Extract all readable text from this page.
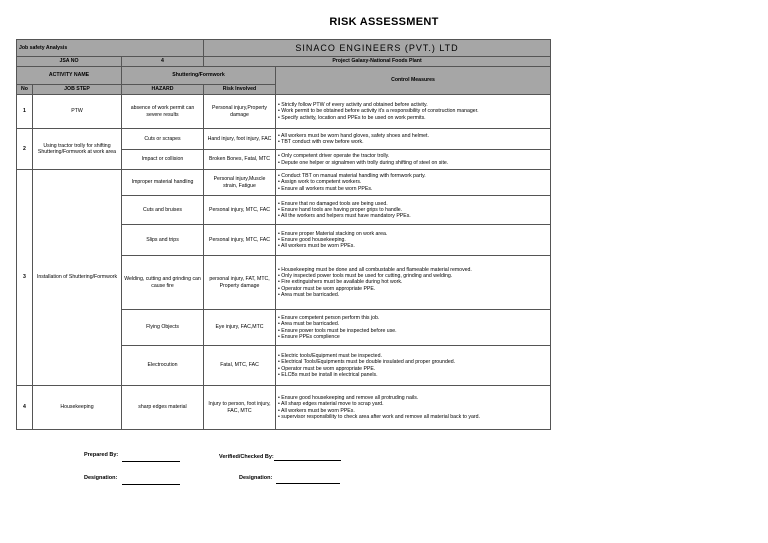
RISK ASSESSMENT
Job safety Analysis			SINACO ENGINEERS (PVT.) LTD	
JSA NO		4	Project Galaxy-National Foods Plant	
ACTIVITY NAME		Shuttering/Formwork		Control Measures
No	JOB STEP	HAZARD	Risk Involved	
1	PTW	absence of work permit can severe results	Personal injury,Property damage	• Strictly follow PTW of every activity and obtained before activity.
• Work permit to be obtained before activity it's a responsibility of construction manager.
• Specify activity, location and PPEs to be used on work permits.

2	Using tractor trolly for shifting Shuttering/Formwork at work area	Cuts or scrapes	Hand injury, foot injury, FAC	• All workers must be worn hand gloves, safety shoes and helmet.
• TBT conduct with crew before work.

		Impact or collision	Broken Bones, Fatal, MTC	• Only competent driver operate the tractor trolly.
• Depute one helper or signalmen with trolly during shifting of steel on site.

3	Installation of Shuttering/Formwork	Improper material handling	Personal injury,Muscle strain, Fatigue	• Conduct TBT on manual material handling with formwork party.
• Assign work to competent workers.
• Ensure all workers must be worn PPEs.

		Cuts and bruises	Personal injury, MTC, FAC	• Ensure that no damaged tools are being used.
• Ensure hand tools are having proper grips to handle.
• All the workers and helpers must have mandatory PPEs.

		Slips and trips	Personal injury, MTC, FAC	• Ensure proper Material stacking on work area.
• Ensure good housekeeping.
• All workers must be worn PPEs.

		Welding, cutting and grinding can cause fire	personal injury, FAT, MTC, Property damage	• Housekeeping must be done and all combustable and flameable material removed.
• Only inspected power tools must be used for cutting, grinding and welding.
• Fire extinguishers must be available during hot work.
• Operator must be worn appropriate PPE.
• Area must be barricaded.

		Flying Objects	Eye injury, FAC,MTC	• Ensure competent person perform this job.
• Area must be barricaded.
• Ensure power tools must be inspected before use.
• Ensure PPEs complience

		Electrocution	Fatal, MTC, FAC	• Electric tools/Equipment must be inspected.
• Electrical Tools/Equipments must be double insulated and proper grounded.
• Operator must be worn appropriate PPE.
• ELCBs must be install in electrical panels.

4	Housekeeping	sharp edges material	Injury to person, foot injury, FAC, MTC	• Ensure good housekeeping and remove all protruding nails.
• All sharp edges material move to scrap yard.
• All workers must be worn PPEs.
• supervisor responsibility to check area after work and remove all material back to yard.
Prepared By:	Verified/Checked By:
Designation:	Designation:
